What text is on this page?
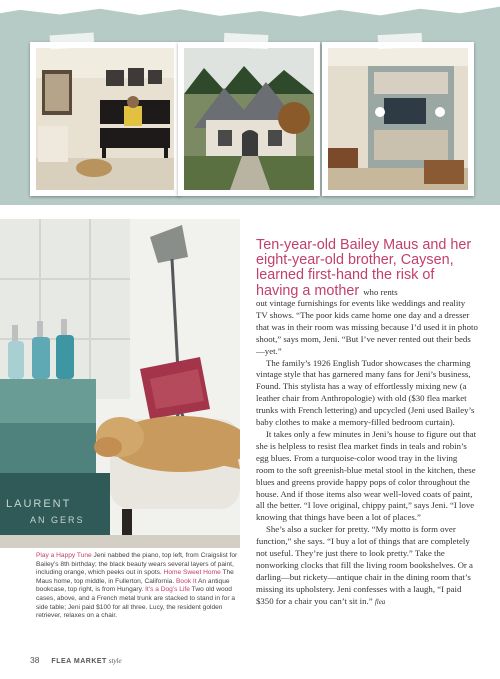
LAURENT
AN GERS
Play a Happy Tune Jeni nabbed the piano, top left, from Craigslist for Bailey’s 8th birthday; the black beauty wears several layers of paint, including orange, which peeks out in spots. Home Sweet Home The Maus home, top middle, in Fullerton, California. Book It An antique bookcase, top right, is from Hungary. It’s a Dog’s Life Two old wood cases, above, and a French metal trunk are stacked to stand in for a side table; Jeni paid $100 for all three. Lucy, the resident golden retriever, relaxes on a chair.
Ten-year-old Bailey Maus and her eight-year-old brother, Caysen, learned first-hand the risk of having a mother who rents

out vintage furnishings for events like weddings and reality TV shows. “The poor kids came home one day and a dresser that was in their room was missing because I’d used it in photo shoot,” says mom, Jeni. “But I’ve never rented out their beds—yet.”

The family’s 1926 English Tudor showcases the charming vintage style that has garnered many fans for Jeni’s business, Found. This stylista has a way of effortlessly mixing new (a leather chair from Anthropologie) with old ($30 flea market trunks with French lettering) and upcycled (Jeni used Bailey’s baby clothes to make a memory-filled bedroom curtain).

It takes only a few minutes in Jeni’s house to figure out that she is helpless to resist flea market finds in teals and robin’s egg blues. From a turquoise-color wood tray in the living room to the soft greenish-blue metal stool in the kitchen, these blues and greens provide happy pops of color throughout the house. And if those items also wear well-loved coats of paint, all the better. “I love original, chippy paint,” says Jeni. “I love knowing that things have been a lot of places.”

She’s also a sucker for pretty. “My motto is form over function,” she says. “I buy a lot of things that are completely not useful. They’re just there to look pretty.” Take the nonworking clocks that fill the living room bookshelves. Or a darling—but rickety—antique chair in the dining room that’s missing its upholstery. Jeni confesses with a laugh, “I paid $350 for a chair you can’t sit in.” flea

38 FLEA MARKET style
